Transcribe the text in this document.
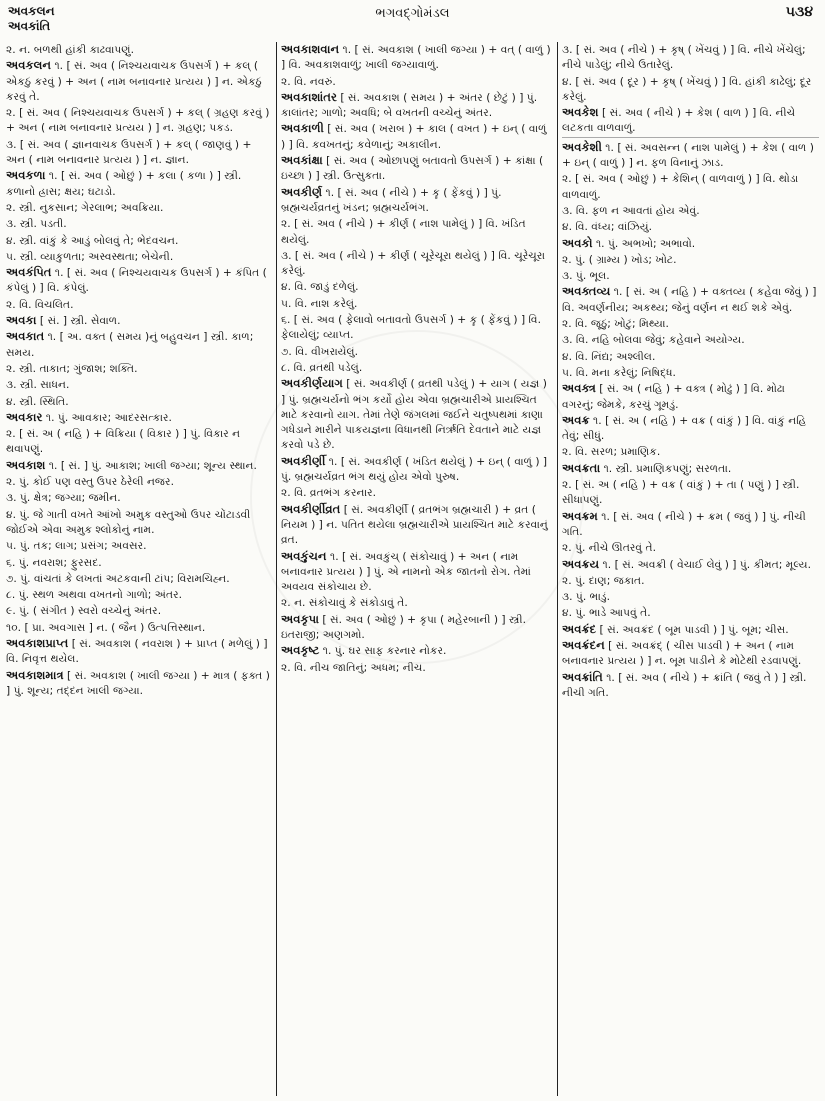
અવકલન
અવકાંતિ
ભગવદ્ગોમંડલ	૫૩૪
૨. ન. બળથી હાંકી કાઢવાપણું.
અવકલન ૧. [ સં. અવ ( નિશ્ચયવાચક ઉપસર્ગ ) + કલ્ ( એકઠું કરવું ) + અન ( નામ બનાવનાર પ્રત્યય ) ] ન. એકઠું કરવું તે.
૨. [ સં. અવ ( નિશ્ચયવાચક ઉપસર્ગ ) + કલ્ ( ગ્રહણ કરવું ) + અન ( નામ બનાવનાર પ્રત્યય ) ] ન. ગ્રહણ; પકડ.
૩. [ સં. અવ ( જ્ઞાનવાચક ઉપસર્ગ ) + કલ્ ( જાણવું ) + અન ( નામ બનાવનાર પ્રત્યય ) ] ન. જ્ઞાન.
અવકળા ૧. [ સં. અવ ( ઓછું ) + કલા ( કળા ) ] સ્ત્રી. કળાનો હ્રાસ; ક્ષય; ઘટાડો.
૨. સ્ત્રી. નુકસાન; ગેરલાભ; અવક્રિયા.
૩. સ્ત્રી. પડતી.
૪. સ્ત્રી. વાંકું કે આડું બોલવું તે; ભેદવચન.
૫. સ્ત્રી. વ્યાકુળતા; અસ્વસ્થતા; બેચેની.
અવકંપિત ૧. [ સં. અવ ( નિશ્ચયવાચક ઉપસર્ગ ) + કંપિત ( કંપેલું ) ] વિ. કંપેલું.
૨. વિ. વિચલિત.
અવકા [ સં. ] સ્ત્રી. સેવાળ.
અવકાત ૧. [ અ. વક્ત ( સમય )નું બહુવચન ] સ્ત્રી. કાળ; સમય.
૨. સ્ત્રી. તાકાત; ગુંજાશ; શક્તિ.
૩. સ્ત્રી. સાધન.
૪. સ્ત્રી. સ્થિતિ.
અવકાર ૧. પું. આવકાર; આદરસત્કાર.
૨. [ સં. અ ( નહિ ) + વિક્રિયા ( વિકાર ) ] પું. વિકાર ન થવાપણું.
અવકાશ ૧. [ સં. ] પું. આકાશ; ખાલી જગ્યા; શૂન્ય સ્થાન.
૨. પું. કોઈ પણ વસ્તુ ઉપર ઠેરેલી નજર.
૩. પું. ક્ષેત્ર; જગ્યા; જમીન.
૪. પું. જે ગાતી વખતે આંખો અમુક વસ્તુઓ ઉપર ચોંટાડવી જોઈએ એવા અમુક શ્લોકોનું નામ.
૫. પું. તક; લાગ; પ્રસંગ; અવસર.
૬. પું. નવરાશ; ફુરસદ.
૭. પું. વાંચતાં કે લખતાં અટકવાની ટાંપ; વિરામચિહ્ન.
૮. પું. સ્થળ અથવા વખતનો ગાળો; અંતર.
૯. પું. ( સંગીત ) સ્વરો વચ્ચેનું અંતર.
૧૦. [ પ્રા. અવગાસ ] ન. ( જૈન ) ઉત્પત્તિસ્થાન.
અવકાશપ્રાપ્ત [ સં. અવકાશ ( નવરાશ ) + પ્રાપ્ત ( મળેલું ) ] વિ. નિવૃત્ત થયેલ.
અવકાશમાત્ર [ સં. અવકાશ ( ખાલી જગ્યા ) + માત્ર ( ફક્ત ) ] પું. શૂન્ય; તદ્દન ખાલી જગ્યા.
અવકાશવાન ૧. [ સં. અવકાશ ( ખાલી જગ્યા ) + વત્ ( વાળું ) ] વિ. અવકાશવાળું; ખાલી જગ્યાવાળું.
૨. વિ. નવરું.
અવકાશાંતર [ સં. અવકાશ ( સમય ) + અંતર ( છેટું ) ] પું. કાલાંતર; ગાળો; અવધિ; બે વખતની વચ્ચેનું અંતર.
અવકાળી [ સં. અવ ( ખરાબ ) + કાલ ( વખત ) + ઇન્ ( વાળું ) ] વિ. કવખતનું; કવેળાનું; અકાલીન.
અવકાંક્ષા [ સં. અવ ( ઓછાપણું બતાવતો ઉપસર્ગ ) + કાંક્ષા ( ઇચ્છા ) ] સ્ત્રી. ઉત્સુકતા.
અવકીર્ણ ૧. [ સં. અવ ( નીચે ) + કૄ ( ફેંકવું ) ] પું. બ્રહ્મચર્યવ્રતનું ખંડન; બ્રહ્મચર્યભંગ.
૨. [ સં. અવ ( નીચે ) + કીર્ણ ( નાશ પામેલું ) ] વિ. ખંડિત થયેલું.
૩. [ સં. અવ ( નીચે ) + કીર્ણ ( ચૂરેચૂરા થયેલું ) ] વિ. ચૂરેચૂરા કરેલું.
૪. વિ. જાડું દળેલું.
૫. વિ. નાશ કરેલું.
૬. [ સં. અવ ( ફેલાવો બતાવતો ઉપસર્ગ ) + કૄ ( ફેંકવું ) ] વિ. ફેલાયેલું; વ્યાપ્ત.
૭. વિ. વીખરાયેલું.
૮. વિ. વ્રતથી પડેલું.
અવકીર્ણયાગ [ સં. અવકીર્ણ ( વ્રતથી પડેલું ) + યાગ ( યજ્ઞ ) ] પું. બ્રહ્મચર્યનો ભંગ કર્યો હોય એવા બ્રહ્મચારીએ પ્રાયશ્ચિત માટે કરવાનો યાગ. તેમાં તેણે જંગલમાં જઈને ચતુષ્પથમાં કાણા ગધેડાને મારીને પાકયજ્ઞના વિધાનથી નિર્ઋતિ દેવતાને માટે યજ્ઞ કરવો પડે છે.
અવકીર્ણી ૧. [ સં. અવકીર્ણ ( ખંડિત થયેલું ) + ઇન્ ( વાળું ) ] પું. બ્રહ્મચર્યવ્રત ભંગ થયું હોય એવો પુરુષ.
૨. વિ. વ્રતભંગ કરનાર.
અવકીર્ણીવ્રત [ સં. અવકીર્ણી ( વ્રતભંગ બ્રહ્મચારી ) + વ્રત ( નિયમ ) ] ન. પતિત થયેલા બ્રહ્મચારીએ પ્રાયશ્ચિત માટે કરવાનું વ્રત.
અવકુંચન ૧. [ સં. અવકુંચ્ ( સંકોચાવું ) + અન ( નામ બનાવનાર પ્રત્યય ) ] પું. એ નામનો એક જાતનો રોગ. તેમાં અવયવ સંકોચાય છે.
૨. ન. સંકોચાવું કે સંકોડાવું તે.
અવકૃપા [ સં. અવ ( ઓછું ) + કૃપા ( મહેરબાની ) ] સ્ત્રી. ઇતરાજી; અણગમો.
અવકૃષ્ટ ૧. પું. ઘર સાફ કરનાર નોકર.
૨. વિ. નીચ જાતિનું; અધમ; નીચ.
૩. [ સં. અવ ( નીચે ) + કૃષ્ ( ખેંચવું ) ] વિ. નીચે ખેંચેલું; નીચે પાડેલું; નીચે ઉતારેલું.
૪. [ સં. અવ ( દૂર ) + કૃષ્ ( ખેંચવું ) ] વિ. હાંકી કાઢેલું; દૂર કરેલું.
અવકેશ [ સં. અવ ( નીચે ) + કેશ ( વાળ ) ] વિ. નીચે લટકતા વાળવાળું.
અવકેશી ૧. [ સં. અવસન્ન ( નાશ પામેલું ) + કેશ ( વાળ ) + ઇન્ ( વાળું ) ] ન. ફળ વિનાનું ઝાડ.
૨. [ સં. અવ ( ઓછું ) + કેશિન્ ( વાળવાળું ) ] વિ. થોડા વાળવાળું.
૩. વિ. ફળ ન આવતાં હોય એવું.
૪. વિ. વંધ્ય; વાંઝિયું.
અવકો ૧. પું. અભખો; અભાવો.
૨. પું. ( ગ્રામ્ય ) ખોડ; ખોટ.
૩. પું. ભૂલ.
અવક્તવ્ય ૧. [ સં. અ ( નહિ ) + વક્તવ્ય ( કહેવા જેવું ) ] વિ. અવર્ણનીય; અકથ્ય; જેનું વર્ણન ન થઈ શકે એવું.
૨. વિ. જૂઠું; ખોટું; મિથ્યા.
૩. વિ. નહિ બોલવા જેવું; કહેવાને અયોગ્ય.
૪. વિ. નિંદ્ય; અશ્લીલ.
૫. વિ. મના કરેલું; નિષિદ્ધ.
અવક્ત્ર [ સં. અ ( નહિ ) + વક્ત્ર ( મોઢું ) ] વિ. મોઢા વગરનું; જેમકે, કરચું ગૂમડું.
અવક્ર ૧. [ સં. અ ( નહિ ) + વક્ર ( વાંકું ) ] વિ. વાંકું નહિ તેવું; સીધું.
૨. વિ. સરળ; પ્રમાણિક.
અવક્રતા ૧. સ્ત્રી. પ્રમાણિકપણું; સરળતા.
૨. [ સં. અ ( નહિ ) + વક્ર ( વાંકું ) + તા ( પણું ) ] સ્ત્રી. સીધાપણું.
અવક્રમ ૧. [ સં. અવ ( નીચે ) + ક્રમ ( જવું ) ] પું. નીચી ગતિ.
૨. પું. નીચે ઊતરવું તે.
અવક્રય ૧. [ સં. અવક્રી ( વેચાઈ લેવું ) ] પું. કીમત; મૂલ્ય.
૨. પું. દાણ; જકાત.
૩. પું. ભાડું.
૪. પું. ભાડે આપવું તે.
અવક્રંદ [ સં. અવક્રંદ ( બૂમ પાડવી ) ] પું. બૂમ; ચીસ.
અવક્રંદન [ સં. અવક્રંદ્ ( ચીસ પાડવી ) + અન ( નામ બનાવનાર પ્રત્યય ) ] ન. બૂમ પાડીને કે મોટેથી રડવાપણું.
અવક્રાંતિ ૧. [ સં. અવ ( નીચે ) + ક્રાંતિ ( જવું તે ) ] સ્ત્રી. નીચી ગતિ.
